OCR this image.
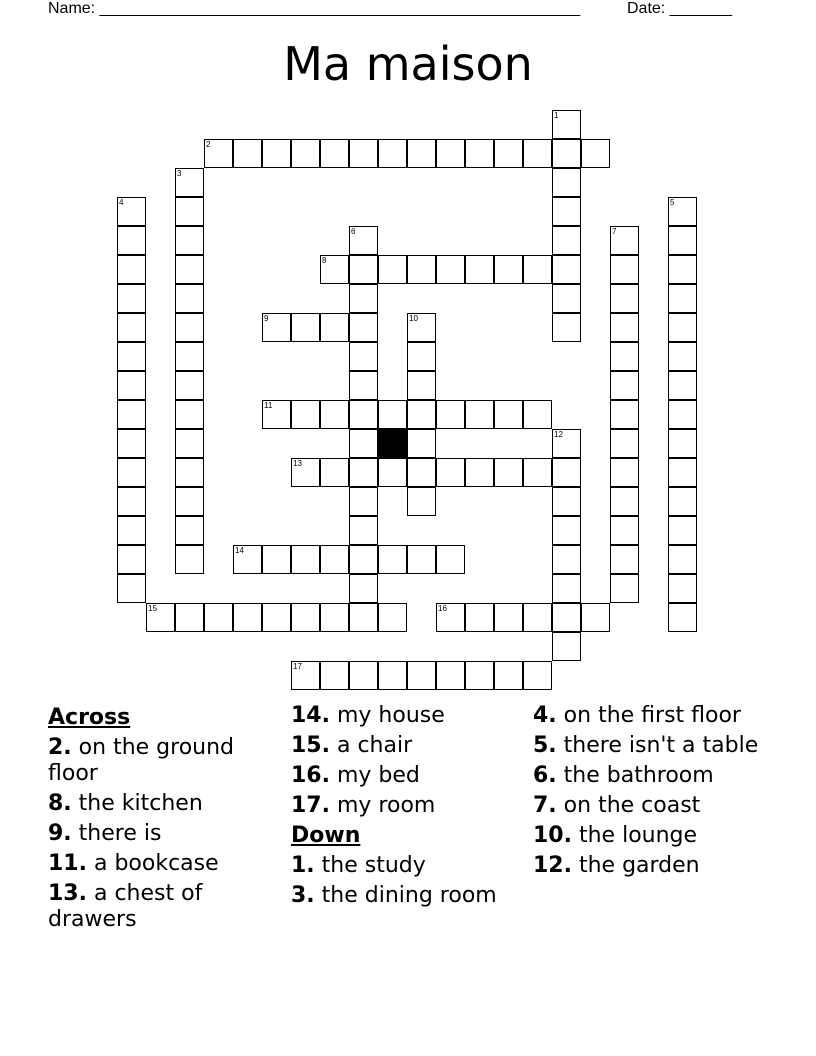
Name: ______________________________________________________	Date: _______
Ma maison
1
2
3
4	5
6	7
8
9	10
11
12
13
14
15	16
17
Across
2. on the ground floor
8. the kitchen
9. there is
11. a bookcase
13. a chest of drawers
14. my house
15. a chair
16. my bed
17. my room
Down
1. the study
3. the dining room
4. on the first floor
5. there isn't a table
6. the bathroom
7. on the coast
10. the lounge
12. the garden
